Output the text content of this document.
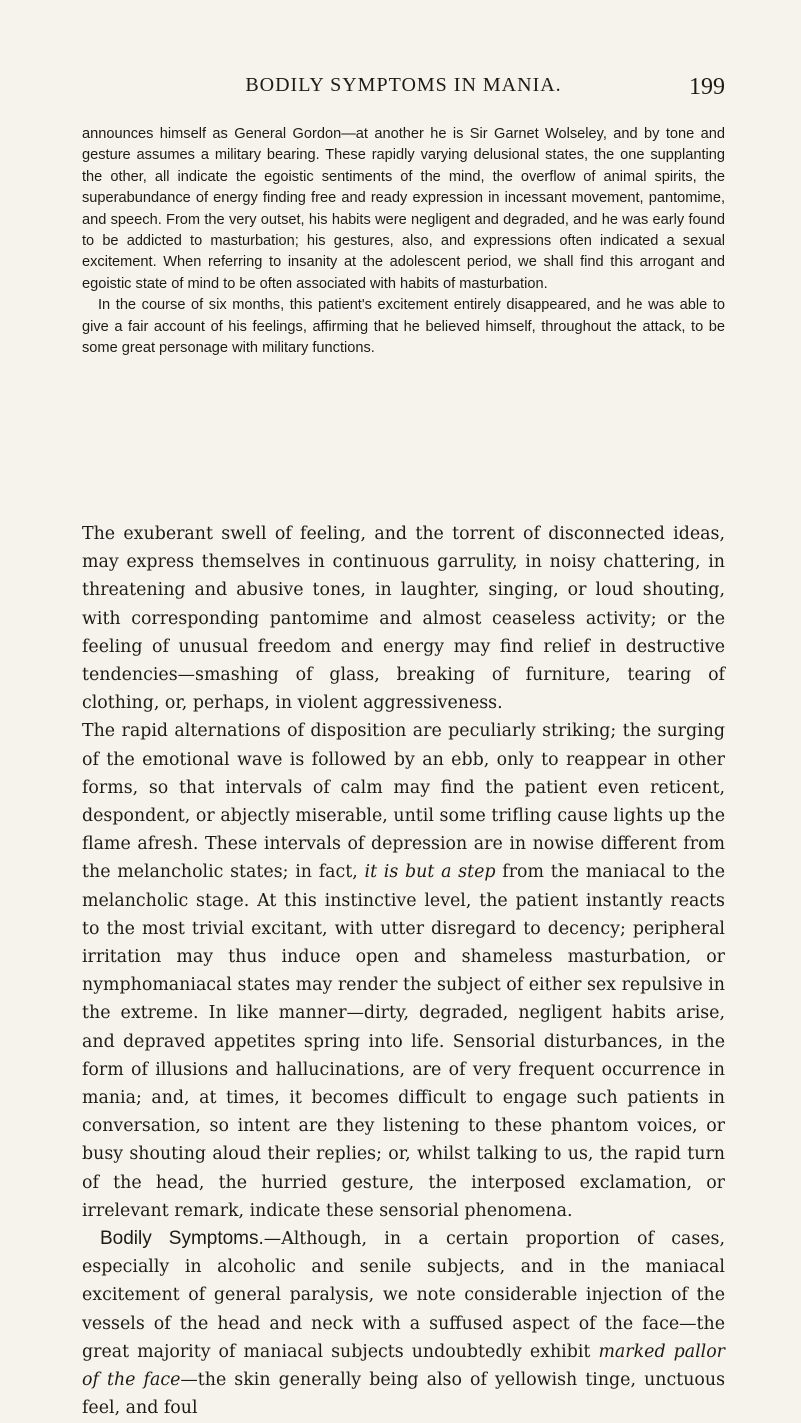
BODILY SYMPTOMS IN MANIA.	199

announces himself as General Gordon—at another he is Sir Garnet Wolseley, and by tone and gesture assumes a military bearing. These rapidly varying delusional states, the one supplanting the other, all indicate the egoistic sentiments of the mind, the overflow of animal spirits, the superabundance of energy finding free and ready expression in incessant movement, pantomime, and speech. From the very outset, his habits were negligent and degraded, and he was early found to be addicted to masturbation; his gestures, also, and expressions often indicated a sexual excitement. When referring to insanity at the adolescent period, we shall find this arrogant and egoistic state of mind to be often associated with habits of masturbation.

In the course of six months, this patient's excitement entirely disappeared, and he was able to give a fair account of his feelings, affirming that he believed himself, throughout the attack, to be some great personage with military functions.

The exuberant swell of feeling, and the torrent of disconnected ideas, may express themselves in continuous garrulity, in noisy chattering, in threatening and abusive tones, in laughter, singing, or loud shouting, with corresponding pantomime and almost ceaseless activity; or the feeling of unusual freedom and energy may find relief in destructive tendencies—smashing of glass, breaking of furniture, tearing of clothing, or, perhaps, in violent aggressiveness.

The rapid alternations of disposition are peculiarly striking; the surging of the emotional wave is followed by an ebb, only to reappear in other forms, so that intervals of calm may find the patient even reticent, despondent, or abjectly miserable, until some trifling cause lights up the flame afresh. These intervals of depression are in nowise different from the melancholic states; in fact, it is but a step from the maniacal to the melancholic stage. At this instinctive level, the patient instantly reacts to the most trivial excitant, with utter disregard to decency; peripheral irritation may thus induce open and shameless masturbation, or nymphomaniacal states may render the subject of either sex repulsive in the extreme. In like manner—dirty, degraded, negligent habits arise, and depraved appetites spring into life. Sensorial disturbances, in the form of illusions and hallucinations, are of very frequent occurrence in mania; and, at times, it becomes difficult to engage such patients in conversation, so intent are they listening to these phantom voices, or busy shouting aloud their replies; or, whilst talking to us, the rapid turn of the head, the hurried gesture, the interposed exclamation, or irrelevant remark, indicate these sensorial phenomena.

Bodily Symptoms.—Although, in a certain proportion of cases, especially in alcoholic and senile subjects, and in the maniacal excitement of general paralysis, we note considerable injection of the vessels of the head and neck with a suffused aspect of the face—the great majority of maniacal subjects undoubtedly exhibit marked pallor of the face—the skin generally being also of yellowish tinge, unctuous feel, and foul
